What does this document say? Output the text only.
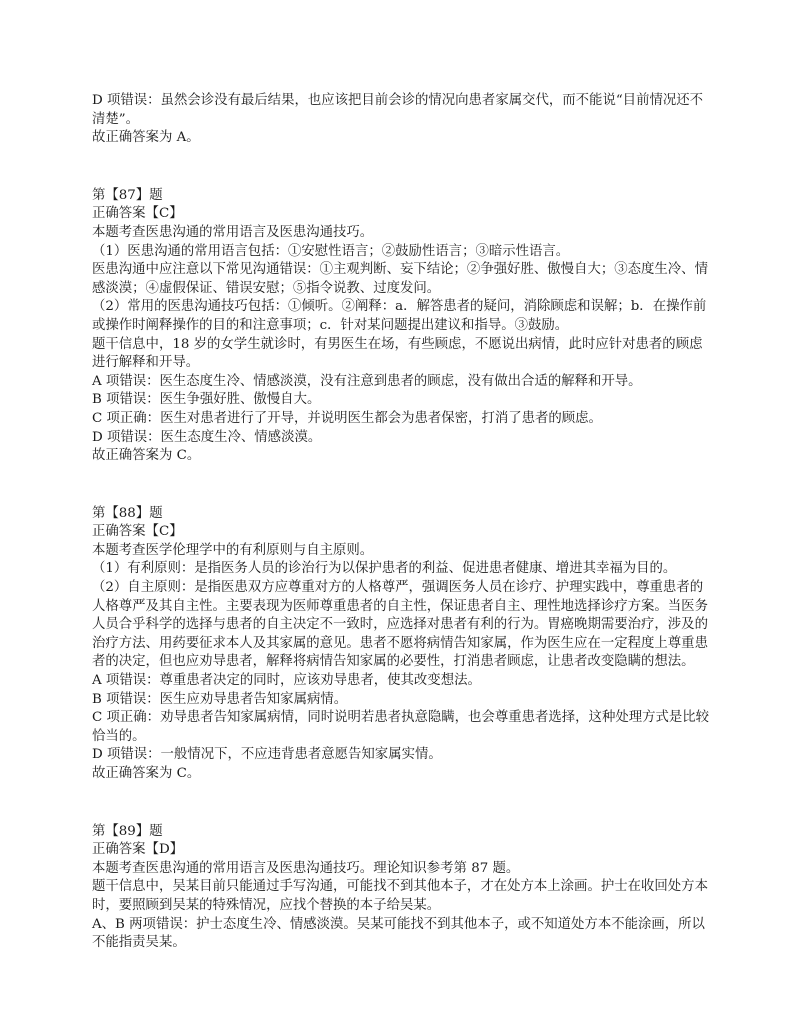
D 项错误：虽然会诊没有最后结果，也应该把目前会诊的情况向患者家属交代，而不能说“目前情况还不清楚”。

故正确答案为 A。

第【87】题

正确答案【C】

本题考查医患沟通的常用语言及医患沟通技巧。

（1）医患沟通的常用语言包括：①安慰性语言；②鼓励性语言；③暗示性语言。

医患沟通中应注意以下常见沟通错误：①主观判断、妄下结论；②争强好胜、傲慢自大；③态度生冷、情感淡漠；④虚假保证、错误安慰；⑤指令说教、过度发问。

（2）常用的医患沟通技巧包括：①倾听。②阐释：a．解答患者的疑问，消除顾虑和误解；b．在操作前或操作时阐释操作的目的和注意事项；c．针对某问题提出建议和指导。③鼓励。

题干信息中，18 岁的女学生就诊时，有男医生在场，有些顾虑，不愿说出病情，此时应针对患者的顾虑进行解释和开导。

A 项错误：医生态度生冷、情感淡漠，没有注意到患者的顾虑，没有做出合适的解释和开导。

B 项错误：医生争强好胜、傲慢自大。

C 项正确：医生对患者进行了开导，并说明医生都会为患者保密，打消了患者的顾虑。

D 项错误：医生态度生冷、情感淡漠。

故正确答案为 C。

第【88】题

正确答案【C】

本题考查医学伦理学中的有利原则与自主原则。

（1）有利原则：是指医务人员的诊治行为以保护患者的利益、促进患者健康、增进其幸福为目的。

（2）自主原则：是指医患双方应尊重对方的人格尊严，强调医务人员在诊疗、护理实践中，尊重患者的人格尊严及其自主性。主要表现为医师尊重患者的自主性，保证患者自主、理性地选择诊疗方案。当医务人员合乎科学的选择与患者的自主决定不一致时，应选择对患者有利的行为。胃癌晚期需要治疗，涉及的治疗方法、用药要征求本人及其家属的意见。患者不愿将病情告知家属，作为医生应在一定程度上尊重患者的决定，但也应劝导患者，解释将病情告知家属的必要性，打消患者顾虑，让患者改变隐瞒的想法。

A 项错误：尊重患者决定的同时，应该劝导患者，使其改变想法。

B 项错误：医生应劝导患者告知家属病情。

C 项正确：劝导患者告知家属病情，同时说明若患者执意隐瞒，也会尊重患者选择，这种处理方式是比较恰当的。

D 项错误：一般情况下，不应违背患者意愿告知家属实情。

故正确答案为 C。

第【89】题

正确答案【D】

本题考查医患沟通的常用语言及医患沟通技巧。理论知识参考第 87 题。

题干信息中，吴某目前只能通过手写沟通，可能找不到其他本子，才在处方本上涂画。护士在收回处方本时，要照顾到吴某的特殊情况，应找个替换的本子给吴某。

A、B 两项错误：护士态度生冷、情感淡漠。吴某可能找不到其他本子，或不知道处方本不能涂画，所以不能指责吴某。
